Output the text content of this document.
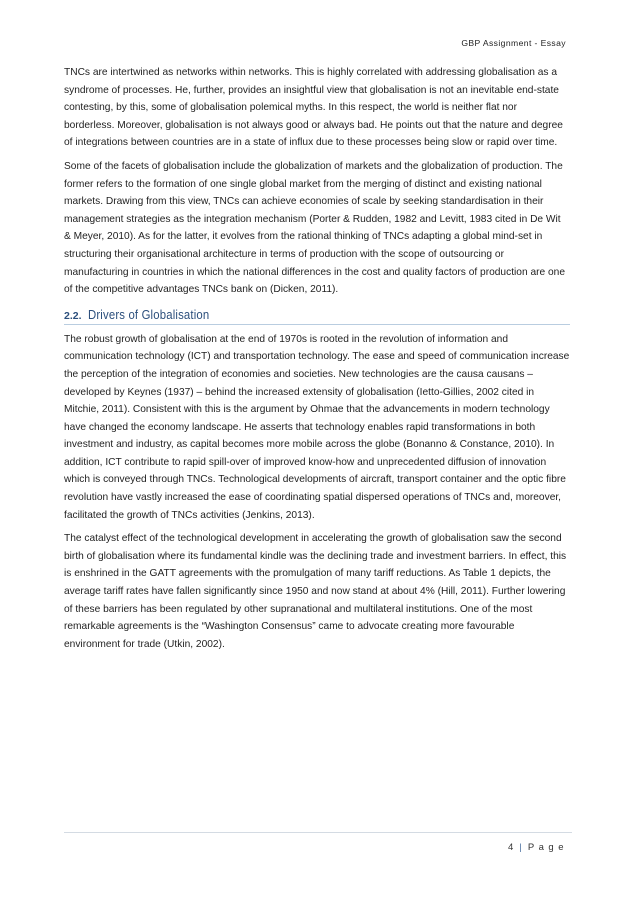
GBP Assignment - Essay

TNCs are intertwined as networks within networks. This is highly correlated with addressing globalisation as a syndrome of processes. He, further, provides an insightful view that globalisation is not an inevitable end-state contesting, by this, some of globalisation polemical myths. In this respect, the world is neither flat nor borderless. Moreover, globalisation is not always good or always bad. He points out that the nature and degree of integrations between countries are in a state of influx due to these processes being slow or rapid over time.

Some of the facets of globalisation include the globalization of markets and the globalization of production. The former refers to the formation of one single global market from the merging of distinct and existing national markets. Drawing from this view, TNCs can achieve economies of scale by seeking standardisation in their management strategies as the integration mechanism (Porter & Rudden, 1982 and Levitt, 1983 cited in De Wit & Meyer, 2010). As for the latter, it evolves from the rational thinking of TNCs adapting a global mind-set in structuring their organisational architecture in terms of production with the scope of outsourcing or manufacturing in countries in which the national differences in the cost and quality factors of production are one of the competitive advantages TNCs bank on (Dicken, 2011).

2.2. Drivers of Globalisation

The robust growth of globalisation at the end of 1970s is rooted in the revolution of information and communication technology (ICT) and transportation technology. The ease and speed of communication increase the perception of the integration of economies and societies. New technologies are the causa causans – developed by Keynes (1937) – behind the increased extensity of globalisation (Ietto-Gillies, 2002 cited in Mitchie, 2011). Consistent with this is the argument by Ohmae that the advancements in modern technology have changed the economy landscape. He asserts that technology enables rapid transformations in both investment and industry, as capital becomes more mobile across the globe (Bonanno & Constance, 2010). In addition, ICT contribute to rapid spill-over of improved know-how and unprecedented diffusion of innovation which is conveyed through TNCs. Technological developments of aircraft, transport container and the optic fibre revolution have vastly increased the ease of coordinating spatial dispersed operations of TNCs and, moreover, facilitated the growth of TNCs activities (Jenkins, 2013).

The catalyst effect of the technological development in accelerating the growth of globalisation saw the second birth of globalisation where its fundamental kindle was the declining trade and investment barriers. In effect, this is enshrined in the GATT agreements with the promulgation of many tariff reductions. As Table 1 depicts, the average tariff rates have fallen significantly since 1950 and now stand at about 4% (Hill, 2011). Further lowering of these barriers has been regulated by other supranational and multilateral institutions. One of the most remarkable agreements is the “Washington Consensus” came to advocate creating more favourable environment for trade (Utkin, 2002).

4 | Page
